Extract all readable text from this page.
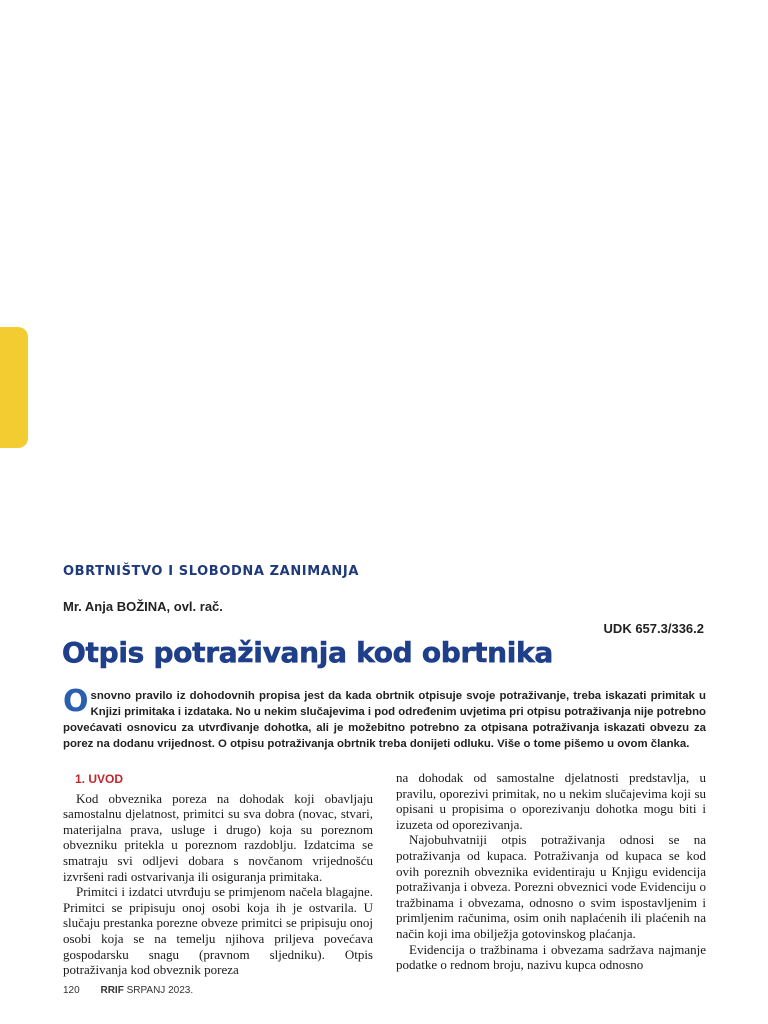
OBRTNIŠTVO I SLOBODNA ZANIMANJA
Mr. Anja BOŽINA, ovl. rač.
UDK 657.3/336.2
Otpis potraživanja kod obrtnika

Osnovno pravilo iz dohodovnih propisa jest da kada obrtnik otpisuje svoje potraživanje, treba iskazati primitak u Knjizi primitaka i izdataka. No u nekim slučajevima i pod određenim uvjetima pri otpisu potraživanja nije potrebno povećavati osnovicu za utvrđivanje dohotka, ali je možebitno potrebno za otpisana potraživanja iskazati obvezu za porez na dodanu vrijednost. O otpisu potraživanja obrtnik treba donijeti odluku. Više o tome pišemo u ovom članka.

1. UVOD

Kod obveznika poreza na dohodak koji obavljaju samostalnu djelatnost, primitci su sva dobra (novac, stvari, materijalna prava, usluge i drugo) koja su poreznom obvezniku pritekla u poreznom razdoblju. Izdatcima se smatraju svi odljevi dobara s novčanom vrijednošću izvršeni radi ostvarivanja ili osiguranja primitaka.

Primitci i izdatci utvrđuju se primjenom načela blagajne. Primitci se pripisuju onoj osobi koja ih je ostvarila. U slučaju prestanka porezne obveze primitci se pripisuju onoj osobi koja se na temelju njihova priljeva povećava gospodarsku snagu (pravnom sljedniku). Otpis potraživanja kod obveznik poreza

na dohodak od samostalne djelatnosti predstavlja, u pravilu, oporezivi primitak, no u nekim slučajevima koji su opisani u propisima o oporezivanju dohotka mogu biti i izuzeta od oporezivanja.

Najobuhvatniji otpis potraživanja odnosi se na potraživanja od kupaca. Potraživanja od kupaca se kod ovih poreznih obveznika evidentiraju u Knjigu evidencija potraživanja i obveza. Porezni obveznici vode Evidenciju o tražbinama i obvezama, odnosno o svim ispostavljenim i primljenim računima, osim onih naplaćenih ili plaćenih na način koji ima obilježja gotovinskog plaćanja.

Evidencija o tražbinama i obvezama sadržava najmanje podatke o rednom broju, nazivu kupca odnosno

120 RRIF SRPANJ 2023.
